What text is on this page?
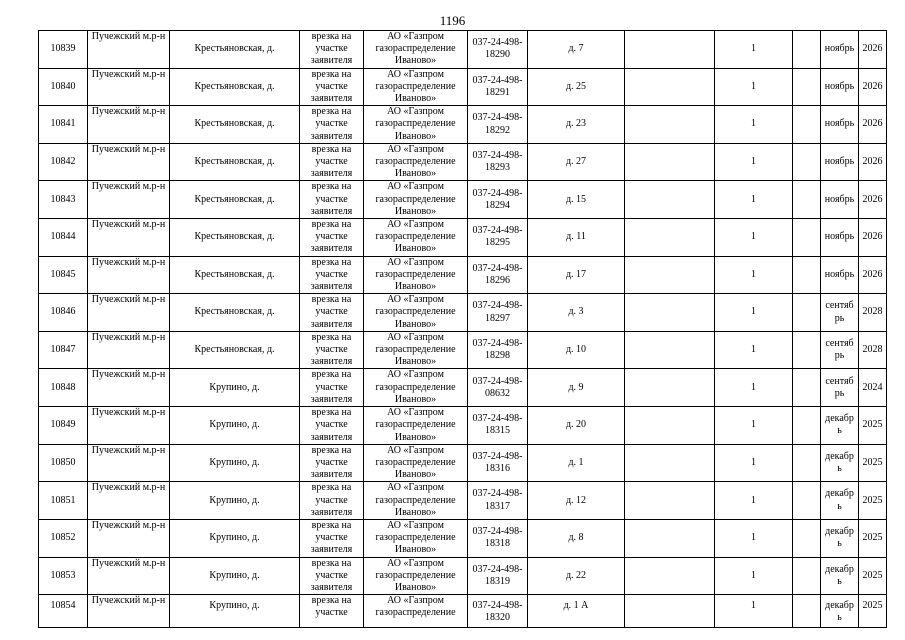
1196
10839	Пучежский м.р-н	Крестьяновская, д.	врезка на участке заявителя	АО «Газпром газораспределение Иваново»	037-24-498-18290	д. 7		1		ноябрь	2026
10840	Пучежский м.р-н	Крестьяновская, д.	врезка на участке заявителя	АО «Газпром газораспределение Иваново»	037-24-498-18291	д. 25		1		ноябрь	2026
10841	Пучежский м.р-н	Крестьяновская, д.	врезка на участке заявителя	АО «Газпром газораспределение Иваново»	037-24-498-18292	д. 23		1		ноябрь	2026
10842	Пучежский м.р-н	Крестьяновская, д.	врезка на участке заявителя	АО «Газпром газораспределение Иваново»	037-24-498-18293	д. 27		1		ноябрь	2026
10843	Пучежский м.р-н	Крестьяновская, д.	врезка на участке заявителя	АО «Газпром газораспределение Иваново»	037-24-498-18294	д. 15		1		ноябрь	2026
10844	Пучежский м.р-н	Крестьяновская, д.	врезка на участке заявителя	АО «Газпром газораспределение Иваново»	037-24-498-18295	д. 11		1		ноябрь	2026
10845	Пучежский м.р-н	Крестьяновская, д.	врезка на участке заявителя	АО «Газпром газораспределение Иваново»	037-24-498-18296	д. 17		1		ноябрь	2026
10846	Пучежский м.р-н	Крестьяновская, д.	врезка на участке заявителя	АО «Газпром газораспределение Иваново»	037-24-498-18297	д. 3		1		сентябрь	2028
10847	Пучежский м.р-н	Крестьяновская, д.	врезка на участке заявителя	АО «Газпром газораспределение Иваново»	037-24-498-18298	д. 10		1		сентябрь	2028
10848	Пучежский м.р-н	Крупино, д.	врезка на участке заявителя	АО «Газпром газораспределение Иваново»	037-24-498-08632	д. 9		1		сентябрь	2024
10849	Пучежский м.р-н	Крупино, д.	врезка на участке заявителя	АО «Газпром газораспределение Иваново»	037-24-498-18315	д. 20		1		декабрь	2025
10850	Пучежский м.р-н	Крупино, д.	врезка на участке заявителя	АО «Газпром газораспределение Иваново»	037-24-498-18316	д. 1		1		декабрь	2025
10851	Пучежский м.р-н	Крупино, д.	врезка на участке заявителя	АО «Газпром газораспределение Иваново»	037-24-498-18317	д. 12		1		декабрь	2025
10852	Пучежский м.р-н	Крупино, д.	врезка на участке заявителя	АО «Газпром газораспределение Иваново»	037-24-498-18318	д. 8		1		декабрь	2025
10853	Пучежский м.р-н	Крупино, д.	врезка на участке заявителя	АО «Газпром газораспределение Иваново»	037-24-498-18319	д. 22		1		декабрь	2025
10854	Пучежский м.р-н	Крупино, д.	врезка на участке	АО «Газпром газораспределение	037-24-498-18320	д. 1 А		1		декабрь	2025
